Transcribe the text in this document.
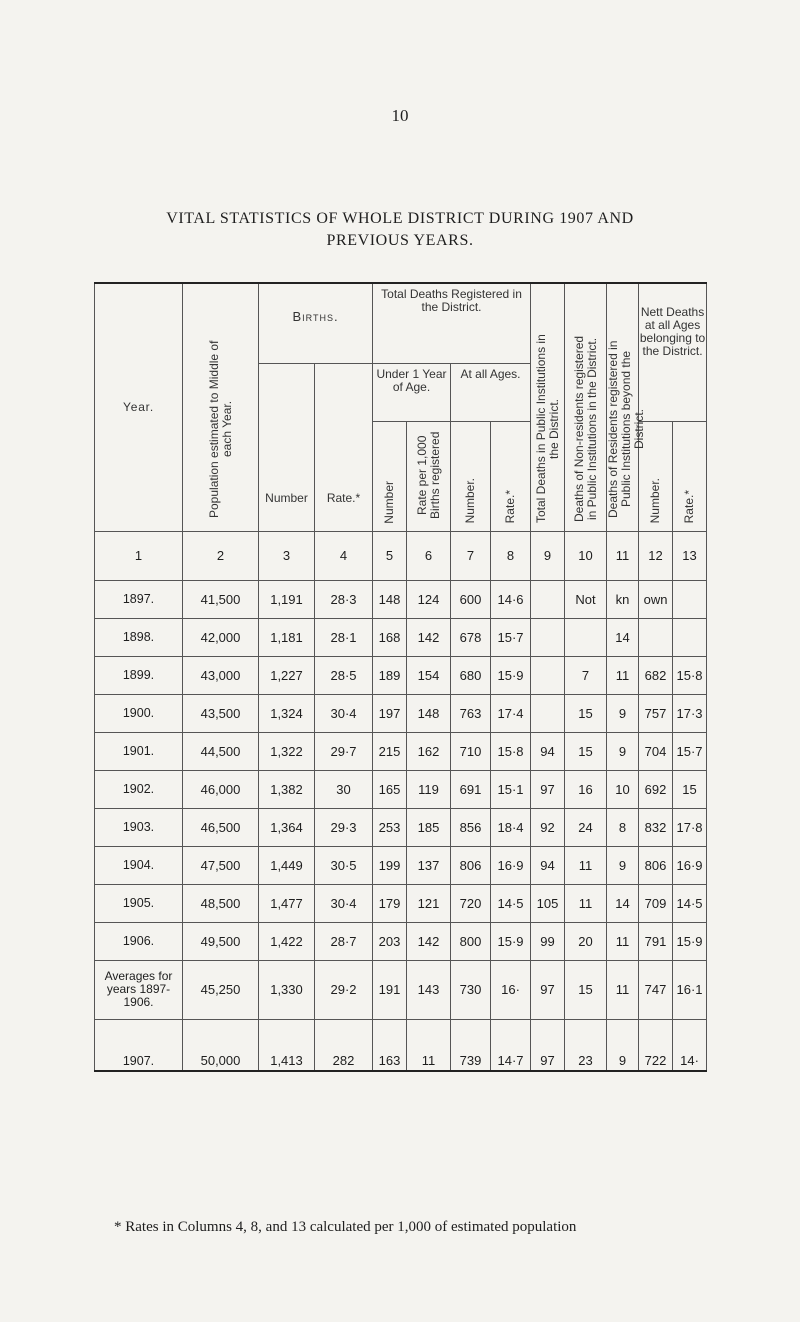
10
VITAL STATISTICS OF WHOLE DISTRICT DURING 1907 AND
PREVIOUS YEARS.
Year.	Population estimated to Middle of each Year.	Births.		Total Deaths Registered in the District.				Total Deaths in Public Institutions in the District.	Deaths of Non-residents registered in Public Institutions in the District.	Deaths of Residents registered in Public Institutions beyond the District.	Nett Deaths at all Ages belonging to the District.	
		Number	Rate.*	Under 1 Year of Age.		At all Ages.						
				Number	Rate per 1,000 Births registered	Number.	Rate.*				Number.	Rate.*
1	2	3	4	5	6	7	8	9	10	11	12	13
1897.	41,500	1,191	28·3	148	124	600	14·6		Not	kn	own	
1898.	42,000	1,181	28·1	168	142	678	15·7			14		
1899.	43,000	1,227	28·5	189	154	680	15·9		7	11	682	15·8
1900.	43,500	1,324	30·4	197	148	763	17·4		15	9	757	17·3
1901.	44,500	1,322	29·7	215	162	710	15·8	94	15	9	704	15·7
1902.	46,000	1,382	30	165	119	691	15·1	97	16	10	692	15
1903.	46,500	1,364	29·3	253	185	856	18·4	92	24	8	832	17·8
1904.	47,500	1,449	30·5	199	137	806	16·9	94	11	9	806	16·9
1905.	48,500	1,477	30·4	179	121	720	14·5	105	11	14	709	14·5
1906.	49,500	1,422	28·7	203	142	800	15·9	99	20	11	791	15·9
Averages for years 1897-1906.	45,250	1,330	29·2	191	143	730	16·	97	15	11	747	16·1
1907.	50,000	1,413	282	163	11	739	14·7	97	23	9	722	14·
* Rates in Columns 4, 8, and 13 calculated per 1,000 of estimated population
